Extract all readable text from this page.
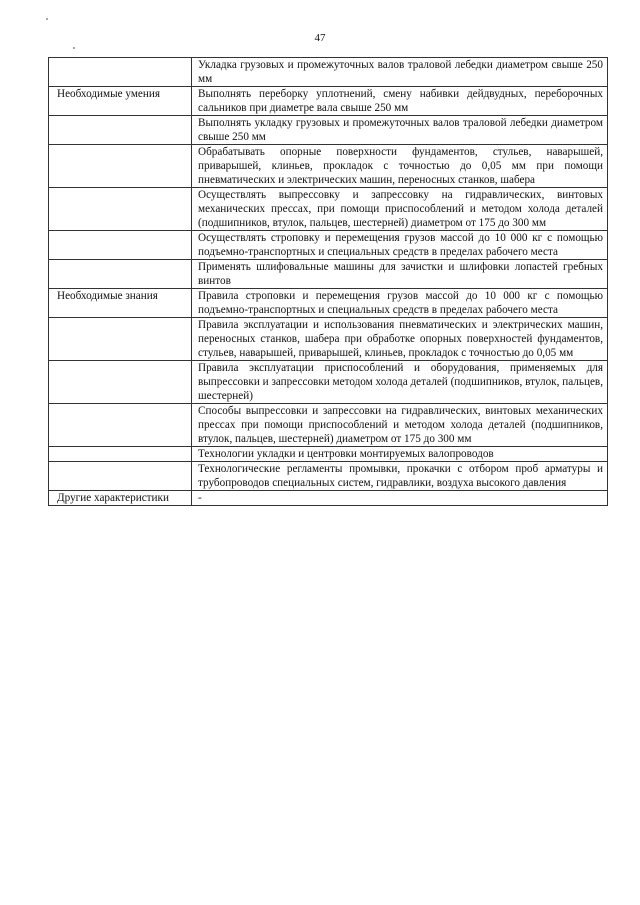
47
	Укладка грузовых и промежуточных валов траловой лебедки диаметром свыше 250 мм
Необходимые умения	Выполнять переборку уплотнений, смену набивки дейдвудных, переборочных сальников при диаметре вала свыше 250 мм
	Выполнять укладку грузовых и промежуточных валов траловой лебедки диаметром свыше 250 мм
	Обрабатывать опорные поверхности фундаментов, стульев, наварышей, приварышей, клиньев, прокладок с точностью до 0,05 мм при помощи пневматических и электрических машин, переносных станков, шабера
	Осуществлять выпрессовку и запрессовку на гидравлических, винтовых механических прессах, при помощи приспособлений и методом холода деталей (подшипников, втулок, пальцев, шестерней) диаметром от 175 до 300 мм
	Осуществлять строповку и перемещения грузов массой до 10 000 кг с помощью подъемно-транспортных и специальных средств в пределах рабочего места
	Применять шлифовальные машины для зачистки и шлифовки лопастей гребных винтов
Необходимые знания	Правила строповки и перемещения грузов массой до 10 000 кг с помощью подъемно-транспортных и специальных средств в пределах рабочего места
	Правила эксплуатации и использования пневматических и электрических машин, переносных станков, шабера при обработке опорных поверхностей фундаментов, стульев, наварышей, приварышей, клиньев, прокладок с точностью до 0,05 мм
	Правила эксплуатации приспособлений и оборудования, применяемых для выпрессовки и запрессовки методом холода деталей (подшипников, втулок, пальцев, шестерней)
	Способы выпрессовки и запрессовки на гидравлических, винтовых механических прессах при помощи приспособлений и методом холода деталей (подшипников, втулок, пальцев, шестерней) диаметром от 175 до 300 мм
	Технологии укладки и центровки монтируемых валопроводов
	Технологические регламенты промывки, прокачки с отбором проб арматуры и трубопроводов специальных систем, гидравлики, воздуха высокого давления
Другие характеристики	-
